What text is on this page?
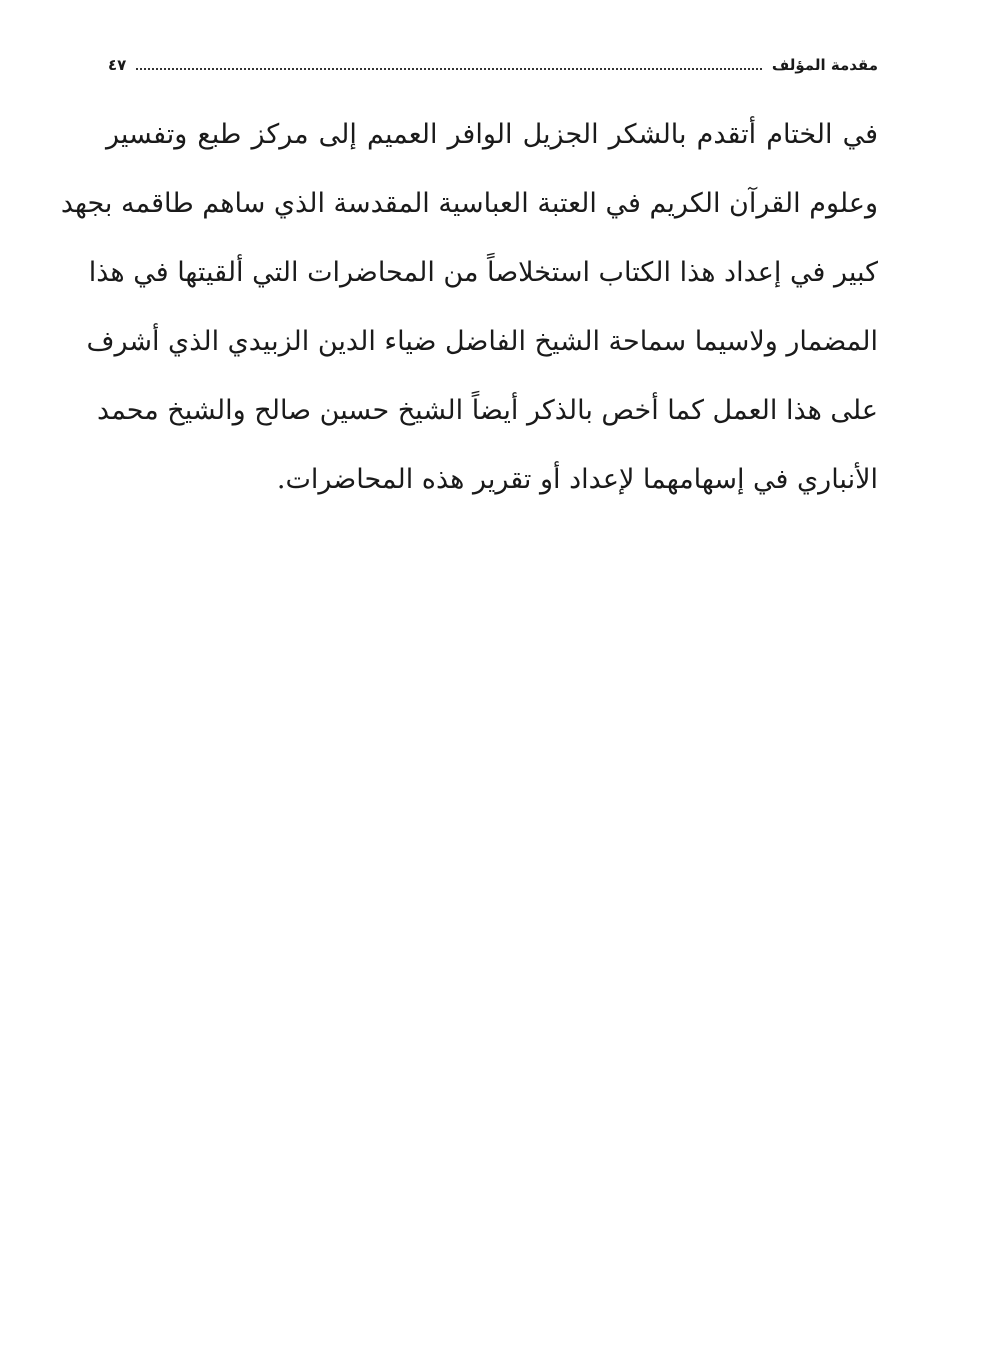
مقدمة المؤلف
٤٧
في الختام أتقدم بالشكر الجزيل الوافر العميم إلى مركز طبع وتفسير
وعلوم القرآن الكريم في العتبة العباسية المقدسة الذي ساهم طاقمه بجهد
كبير في إعداد هذا الكتاب استخلاصاً من المحاضرات التي ألقيتها في هذا
المضمار ولاسيما سماحة الشيخ الفاضل ضياء الدين الزبيدي الذي أشرف
على هذا العمل كما أخص بالذكر أيضاً الشيخ حسين صالح والشيخ محمد
الأنباري في إسهامهما لإعداد أو تقرير هذه المحاضرات.
